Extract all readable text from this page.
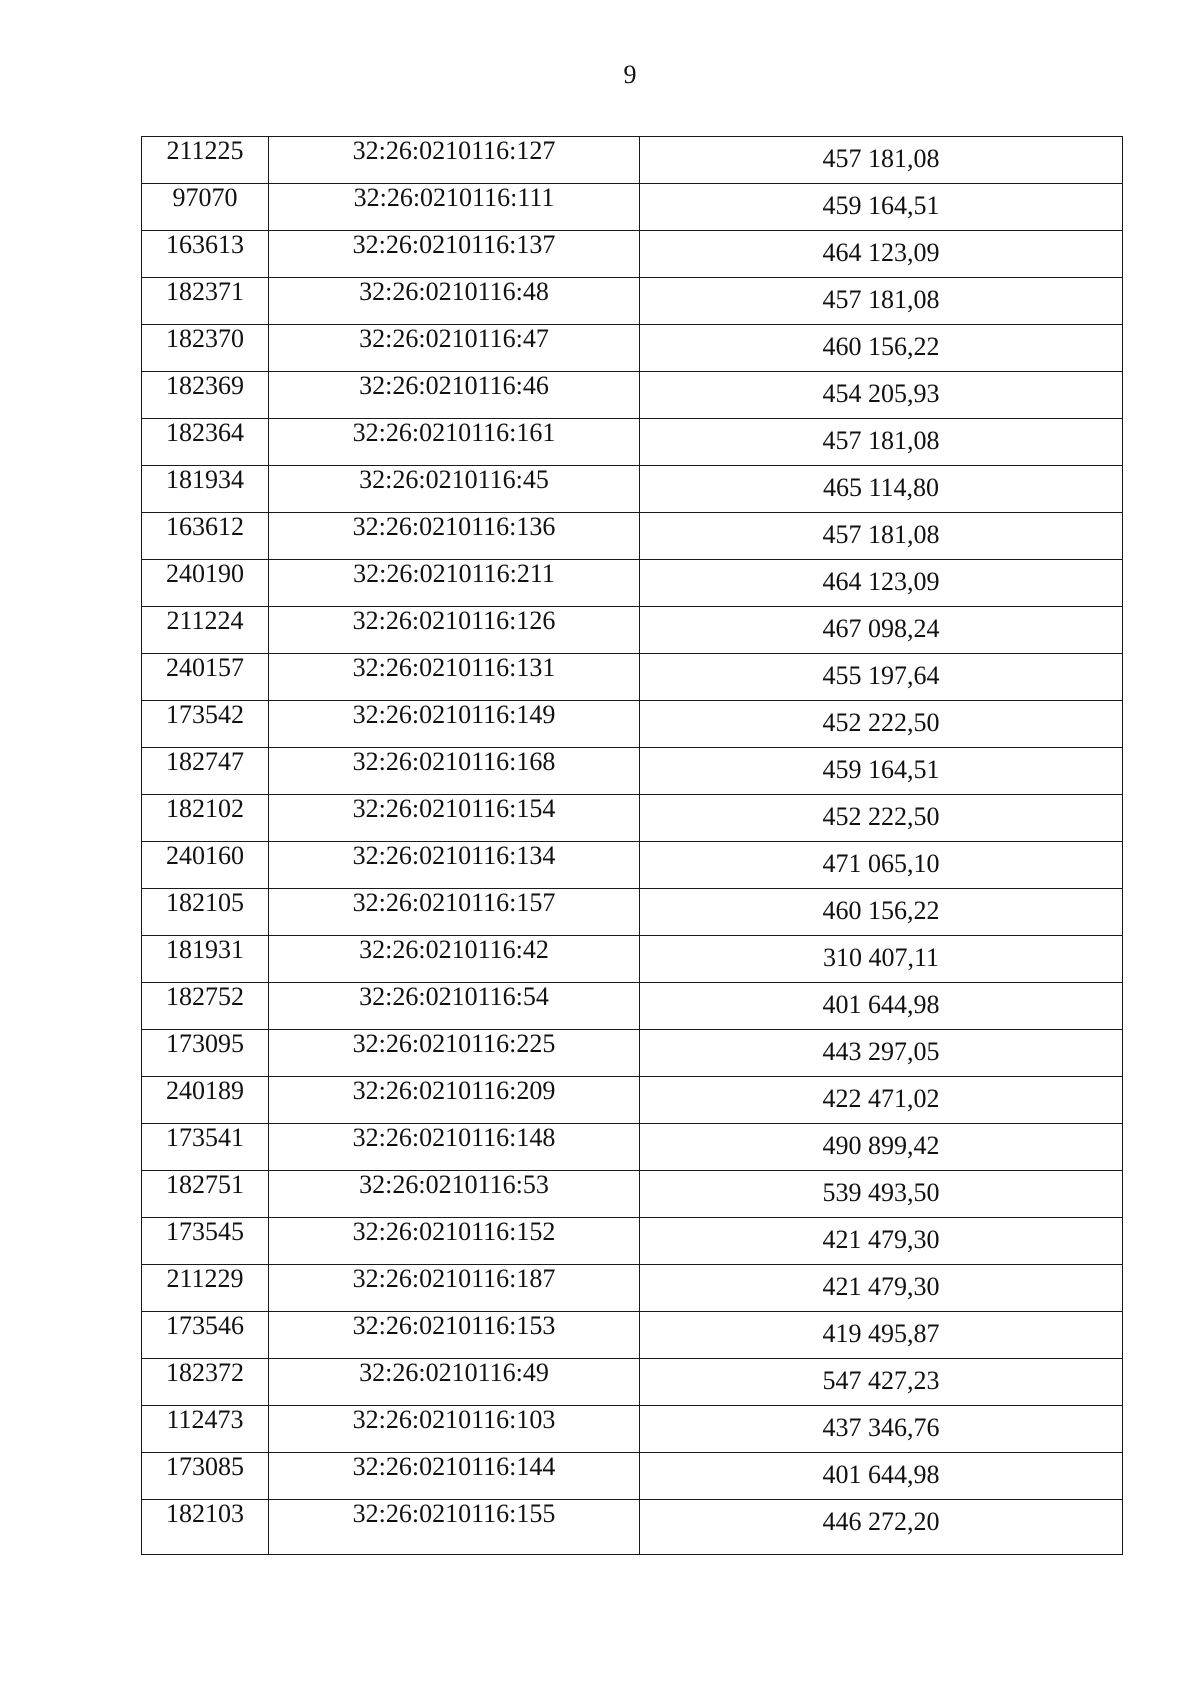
9
211225	32:26:0210116:127	457 181,08
97070	32:26:0210116:111	459 164,51
163613	32:26:0210116:137	464 123,09
182371	32:26:0210116:48	457 181,08
182370	32:26:0210116:47	460 156,22
182369	32:26:0210116:46	454 205,93
182364	32:26:0210116:161	457 181,08
181934	32:26:0210116:45	465 114,80
163612	32:26:0210116:136	457 181,08
240190	32:26:0210116:211	464 123,09
211224	32:26:0210116:126	467 098,24
240157	32:26:0210116:131	455 197,64
173542	32:26:0210116:149	452 222,50
182747	32:26:0210116:168	459 164,51
182102	32:26:0210116:154	452 222,50
240160	32:26:0210116:134	471 065,10
182105	32:26:0210116:157	460 156,22
181931	32:26:0210116:42	310 407,11
182752	32:26:0210116:54	401 644,98
173095	32:26:0210116:225	443 297,05
240189	32:26:0210116:209	422 471,02
173541	32:26:0210116:148	490 899,42
182751	32:26:0210116:53	539 493,50
173545	32:26:0210116:152	421 479,30
211229	32:26:0210116:187	421 479,30
173546	32:26:0210116:153	419 495,87
182372	32:26:0210116:49	547 427,23
112473	32:26:0210116:103	437 346,76
173085	32:26:0210116:144	401 644,98
182103	32:26:0210116:155	446 272,20
